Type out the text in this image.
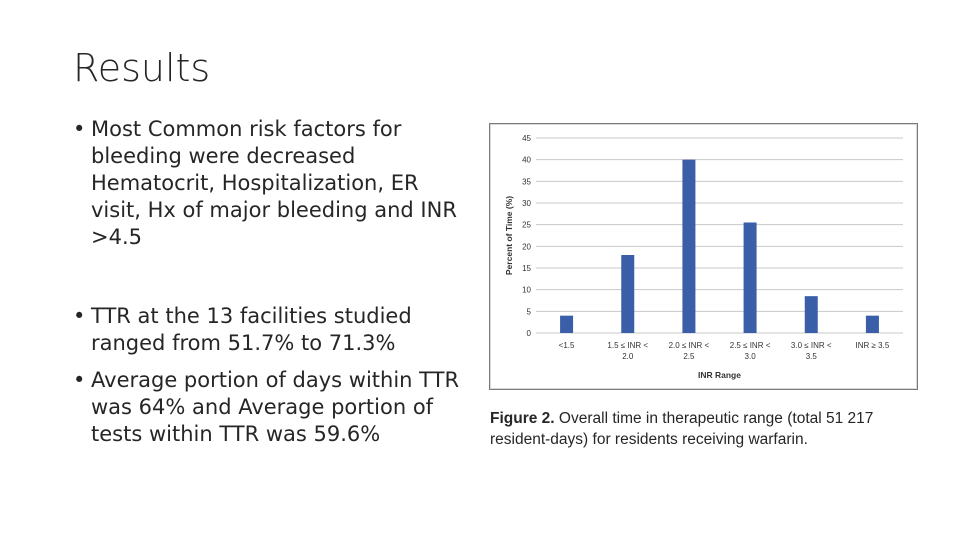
Results
• Most Common risk factors for bleeding were decreased Hematocrit, Hospitalization, ER visit, Hx of major bleeding and INR >4.5
• TTR at the 13 facilities studied ranged from 51.7% to 71.3%
• Average portion of days within TTR was 64% and Average portion of tests within TTR was 59.6%
0
5
10
15
20
25
30
35
40
45
<1.5	1.5 ≤ INR <
2.0
2.0 ≤ INR <
2.5
2.5 ≤ INR <
3.0
3.0 ≤ INR <
3.5
INR ≥ 3.5
INR Range
Percent of Time (%)
Figure 2. Overall time in therapeutic range (total 51 217 resident-days) for residents receiving warfarin.
